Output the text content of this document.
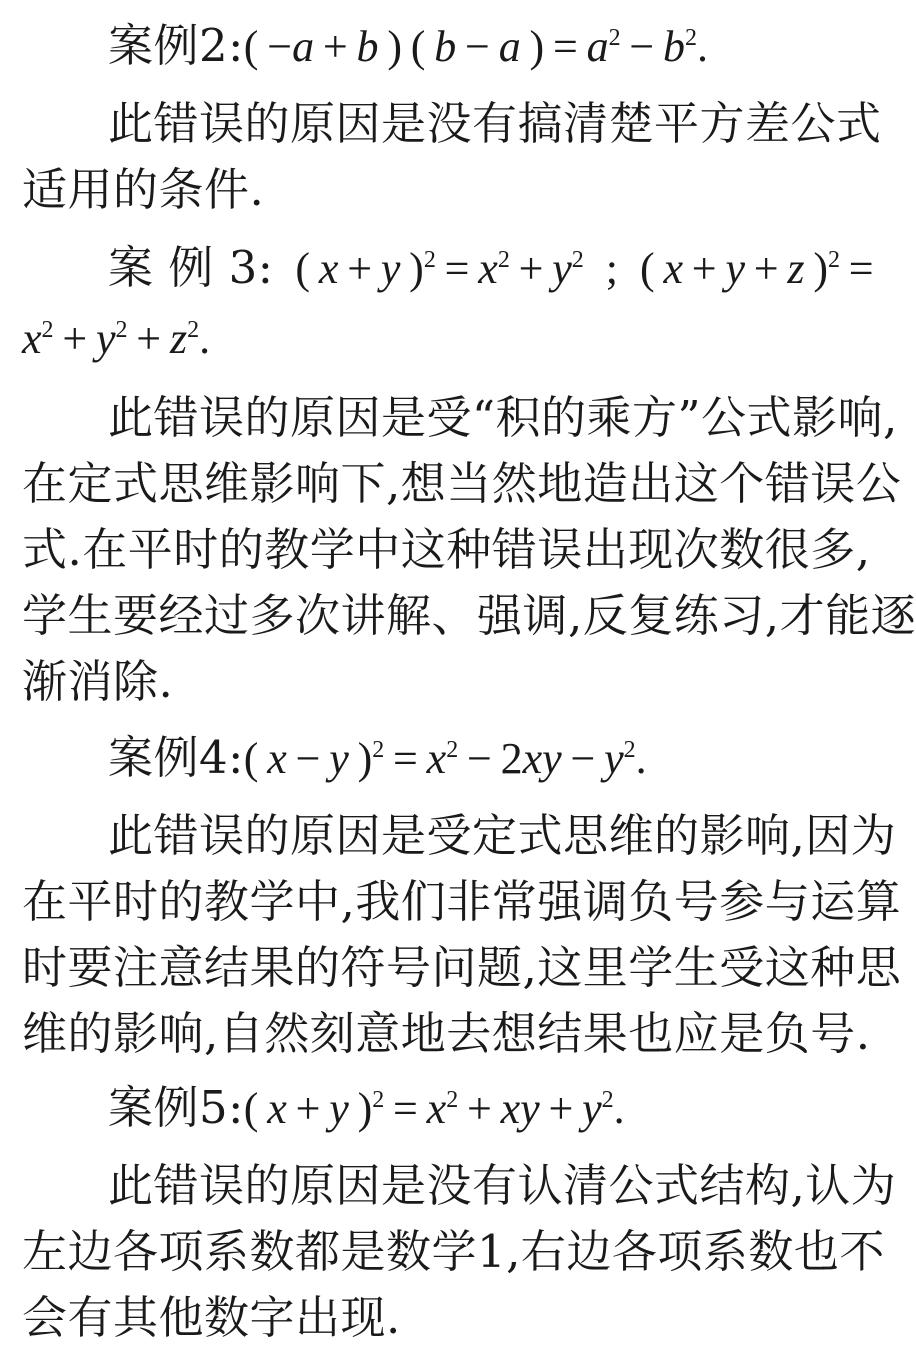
案例2:( −a + b ) ( b − a ) = $a^2 - b^2$.
此错误的原因是没有搞清楚平方差公式
适用的条件.
案 例 3: ( x + y )$^2 = x^2 + y^2$ ; ( x + y + z )$^2$ =
$x^2 + y^2 + z^2$.
此错误的原因是受“积的乘方”公式影响,
在定式思维影响下,想当然地造出这个错误公
式.在平时的教学中这种错误出现次数很多,
学生要经过多次讲解、强调,反复练习,才能逐
渐消除.
案例4:( x − y )$^2 = x^2 - 2xy - y^2$.
此错误的原因是受定式思维的影响,因为
在平时的教学中,我们非常强调负号参与运算
时要注意结果的符号问题,这里学生受这种思
维的影响,自然刻意地去想结果也应是负号.
案例5:( x + y )$^2 = x^2$ + xy + $y^2$.
此错误的原因是没有认清公式结构,认为
左边各项系数都是数学1,右边各项系数也不
会有其他数字出现.
